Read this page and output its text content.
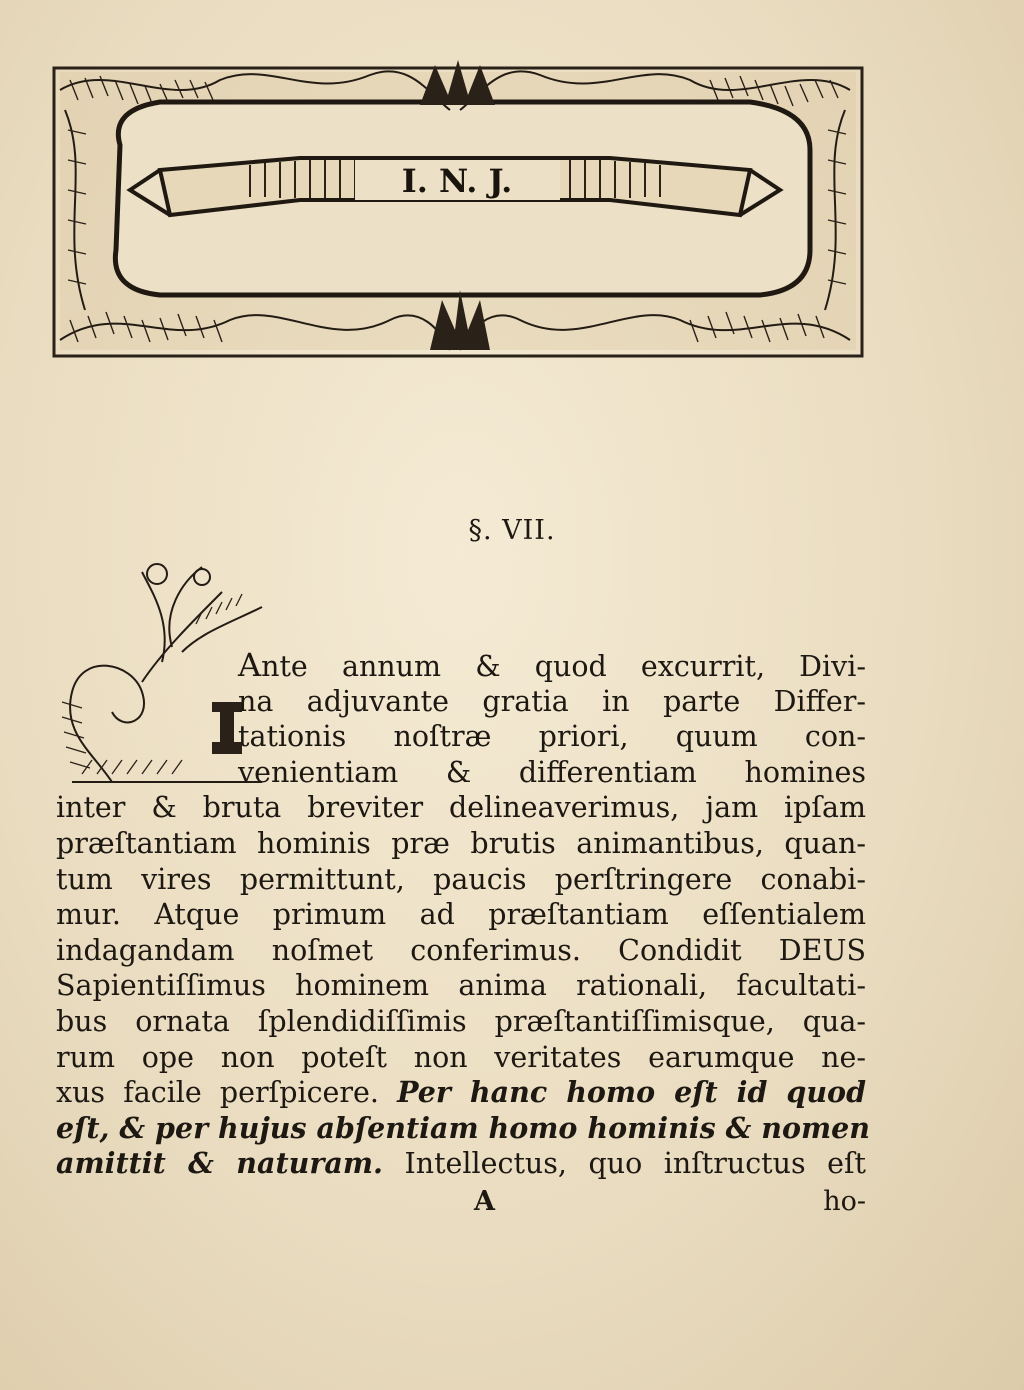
I. N. J.
§. VII.
Ante annum & quod excurrit, Divi-
na adjuvante gratia in parte Differ-
tationis noſtræ priori, quum con-
venientiam & differentiam homines
inter & bruta breviter delineaverimus, jam ipſam
præſtantiam hominis præ brutis animantibus, quan-
tum vires permittunt, paucis perſtringere conabi-
mur. Atque primum ad præſtantiam eſſentialem
indagandam noſmet conferimus. Condidit DEUS
Sapientiſſimus hominem anima rationali, facultati-
bus ornata ſplendidiſſimis præſtantiſſimisque, qua-
rum ope non poteſt non veritates earumque ne-
xus facile perſpicere. Per hanc homo eſt id quod
eſt, & per hujus abſentiam homo hominis & nomen
amittit & naturam. Intellectus, quo inſtructus eſt
A	ho-
